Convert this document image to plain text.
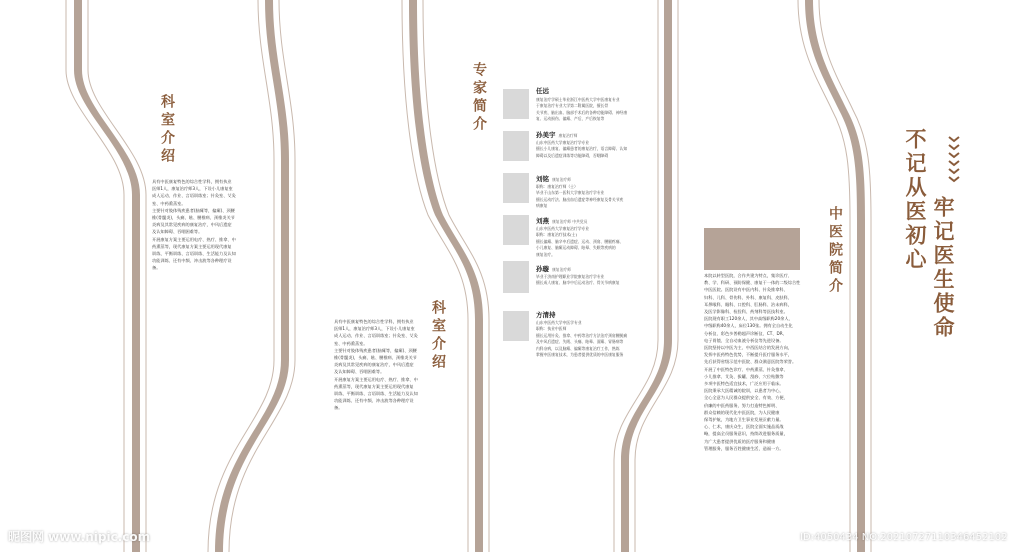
科室介绍
具有中医康复特色的综合性学科，拥有执业
医师1人，康复治疗师3人，下设小儿康复室
成人运动、作业、言语训练室；针灸室、艾灸
室、中药熏蒸室。
主要针对肢体残疾患者(脑瘫等，偏瘫)、颈腰
椎(骨髓炎)，头痛、眩、腰椎病、颈椎炎关节
炎病及其常见疾病的康复治疗，中风后遗症
及认知障碍、吞咽困难等。
开展康复方案主要运用电疗、热疗、推拿、中
药熏蒸等，现代康复方案主要运用现代康复
训练、平衡训练、言语训练、生活能力及认知
功能训练、还有中频、冲击波等各种理疗设
备。
科室介绍
具有中医康复特色的综合性学科，拥有执业
医师1人，康复治疗师3人，下设小儿康复室
成人运动、作业、言语训练室；针灸室、艾灸
室、中药熏蒸室。
主要针对肢体残疾患者(脑瘫等，偏瘫)、颈腰
椎(骨髓炎)，头痛、眩、腰椎病、颈椎炎关节
炎病及其常见疾病的康复治疗，中风后遗症
及认知障碍、吞咽困难等。
开展康复方案主要运用电疗、热疗、推拿、中
药熏蒸等，现代康复方案主要运用现代康复
训练、平衡训练、言语训练、生活能力及认知
功能训练、还有中频、冲击波等各种理疗设
备。
专家简介	任远
康复治疗学硕士毕业浙江中医药大学中医康复专业
于康复治疗专业大学第二附属医院，擅长骨
关节疾、脑出血、脑部手术后的各种功能障碍、神经康
复、运动损伤、偏瘫、产后，产后恢复等
孙美宇 康复治疗师
山东中医药大学康复治疗学专业
擅长小儿康复、偏瘫患者的康复治疗，语言障碍、认知
障碍以及后遗症训练等功能障碍，吞咽障碍
刘铭 康复治疗师
职称：康复治疗师（士）
毕业于山东第一医科大学康复治疗学专业
擅长运动疗法、脑出血后遗症等神经康复及骨关节疾
病康复
刘燕 康复治疗师 中共党员
山东中医药大学康复治疗学专业
职称：康复治疗技术(士)
擅长偏瘫、脑卒中后遗症、运动、颈肩、腰腿疼痛、
小儿康复、脑瘫运动障碍、眩晕、失眠等疾病的
康复治疗。
孙璇 康复治疗师
毕业于济南护理职业学院康复治疗学专业
擅长成人康复、脑卒中后运动治疗、骨关节病康复
方清持
山东中医药大学中医学专业
职称：执业中医师
擅长运用针灸、推拿、中药等治疗方法治疗颈肩腰腿痛
及中风后遗症、失眠、头痛、眩晕、面瘫、胃肠病等
内科杂病，以及脑瘫、偏瘫等康复治疗工作，熟练
掌握中医康复技术，为患者提供优质的中医康复服务
中医院简介
本院以转型医院，合作共建为特点，集诊医疗、
教、学、科研、预防保健、康复于一体的二级综合性
中医医院。医院设有中医内科、针灸推拿科、
妇科、儿科、骨伤科、外科、康复科、皮肤科、
耳鼻喉科、眼科、口腔科、肛肠科、治未病科，
及医学影像科、检验科、药剂科等医技科室。
医院现有职工120余人，其中高级职称20余人、
中级职称40余人，床位130张。拥有全自动生化
分析仪、彩色多普勒超声诊断仪、CT、DR、
电子胃镜、全自动血液分析仪等先进设备。
医院坚持以中医为主、中西医结合的发展方向，
发挥中医药特色优势，不断提升医疗服务水平，
先后获得省级示范中医院、群众满意医院等荣誉。
开展了中医特色诊疗、中药熏蒸、针灸推拿、
小儿推拿、艾灸、拔罐、刮痧、穴位贴敷等
多项中医特色适宜技术，广泛应用于临床。
医院秉承大医精诚的院训，以患者为中心，
全心全意为人民群众提供安全、有效、方便、
价廉的中医药服务，努力打造特色鲜明、
群众信赖的现代化中医医院，为人民健康
保驾护航，为地方卫生事业发展贡献力量。
心、仁术，康庆众生，医院全面实施品质战
略，提高全员服务意识，持续改进服务质量，
为广大患者提供优质的医疗服务和健康
管理服务，服务百姓健康生活，造福一方。
牢记医生使命
不记从医初心
昵图网 www.nipic.com	ID:4050434 NO:20210727110346452102
